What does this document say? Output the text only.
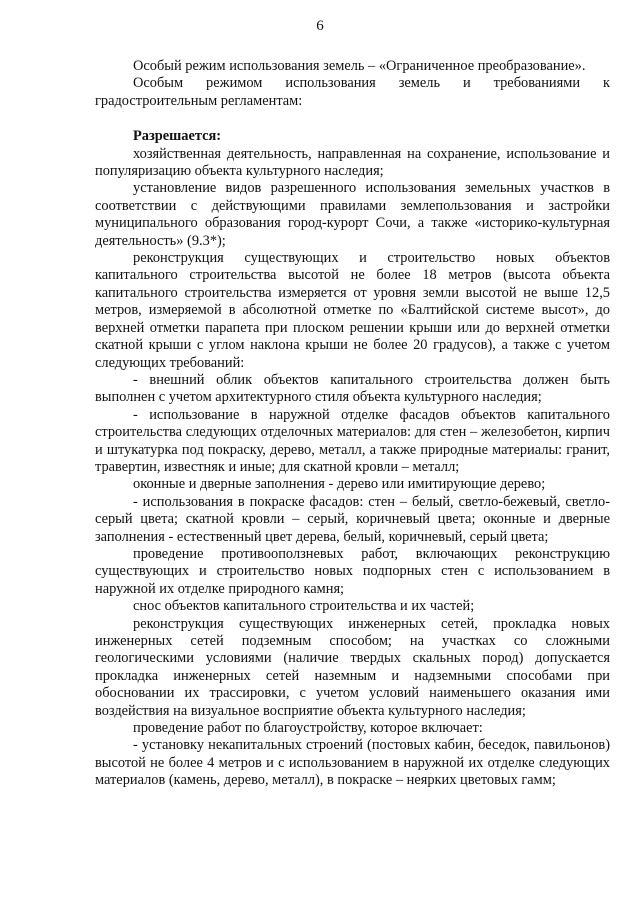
6

Особый режим использования земель – «Ограниченное преобразование».

Особым режимом использования земель и требованиями к градостроительным регламентам:

Разрешается:

хозяйственная деятельность, направленная на сохранение, использование и популяризацию объекта культурного наследия;

установление видов разрешенного использования земельных участков в соответствии с действующими правилами землепользования и застройки муниципального образования город-курорт Сочи, а также «историко-культурная деятельность» (9.3*);

реконструкция существующих и строительство новых объектов капитального строительства высотой не более 18 метров (высота объекта капитального строительства измеряется от уровня земли высотой не выше 12,5 метров, измеряемой в абсолютной отметке по «Балтийской системе высот», до верхней отметки парапета при плоском решении крыши или до верхней отметки скатной крыши с углом наклона крыши не более 20 градусов), а также с учетом следующих требований:

- внешний облик объектов капитального строительства должен быть выполнен с учетом архитектурного стиля объекта культурного наследия;

- использование в наружной отделке фасадов объектов капитального строительства следующих отделочных материалов: для стен – железобетон, кирпич и штукатурка под покраску, дерево, металл, а также природные материалы: гранит, травертин, известняк и иные; для скатной кровли – металл;

оконные и дверные заполнения - дерево или имитирующие дерево;

- использования в покраске фасадов: стен – белый, светло-бежевый, светло-серый цвета; скатной кровли – серый, коричневый цвета; оконные и дверные заполнения - естественный цвет дерева, белый, коричневый, серый цвета;

проведение противооползневых работ, включающих реконструкцию существующих и строительство новых подпорных стен с использованием в наружной их отделке природного камня;

снос объектов капитального строительства и их частей;

реконструкция существующих инженерных сетей, прокладка новых инженерных сетей подземным способом; на участках со сложными геологическими условиями (наличие твердых скальных пород) допускается прокладка инженерных сетей наземным и надземными способами при обосновании их трассировки, с учетом условий наименьшего оказания ими воздействия на визуальное восприятие объекта культурного наследия;

проведение работ по благоустройству, которое включает:

- установку некапитальных строений (постовых кабин, беседок, павильонов) высотой не более 4 метров и с использованием в наружной их отделке следующих материалов (камень, дерево, металл), в покраске – неярких цветовых гамм;
